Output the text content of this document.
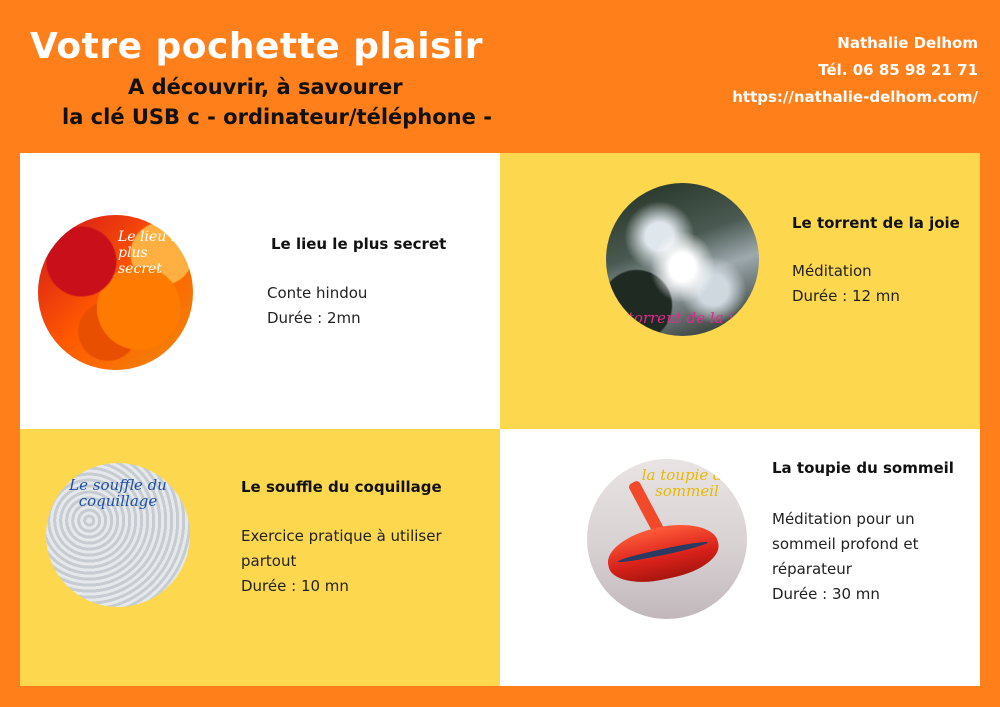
Votre pochette plaisir

A découvrir, à savourer

la clé USB c - ordinateur/téléphone -

Nathalie Delhom
Tél. 06 85 98 21 71
https://nathalie-delhom.com/
Le lieu le plus secret

Le lieu le plus secret

Conte hindou
Durée : 2mn	le torrent de la joie

Le torrent de la joie

Méditation
Durée : 12 mn
Le souffle du coquillage

Le souffle du coquillage

Exercice pratique à utiliser
partout
Durée : 10 mn
la toupie du sommeil

La toupie du sommeil

Méditation pour un
sommeil profond et
réparateur
Durée : 30 mn
